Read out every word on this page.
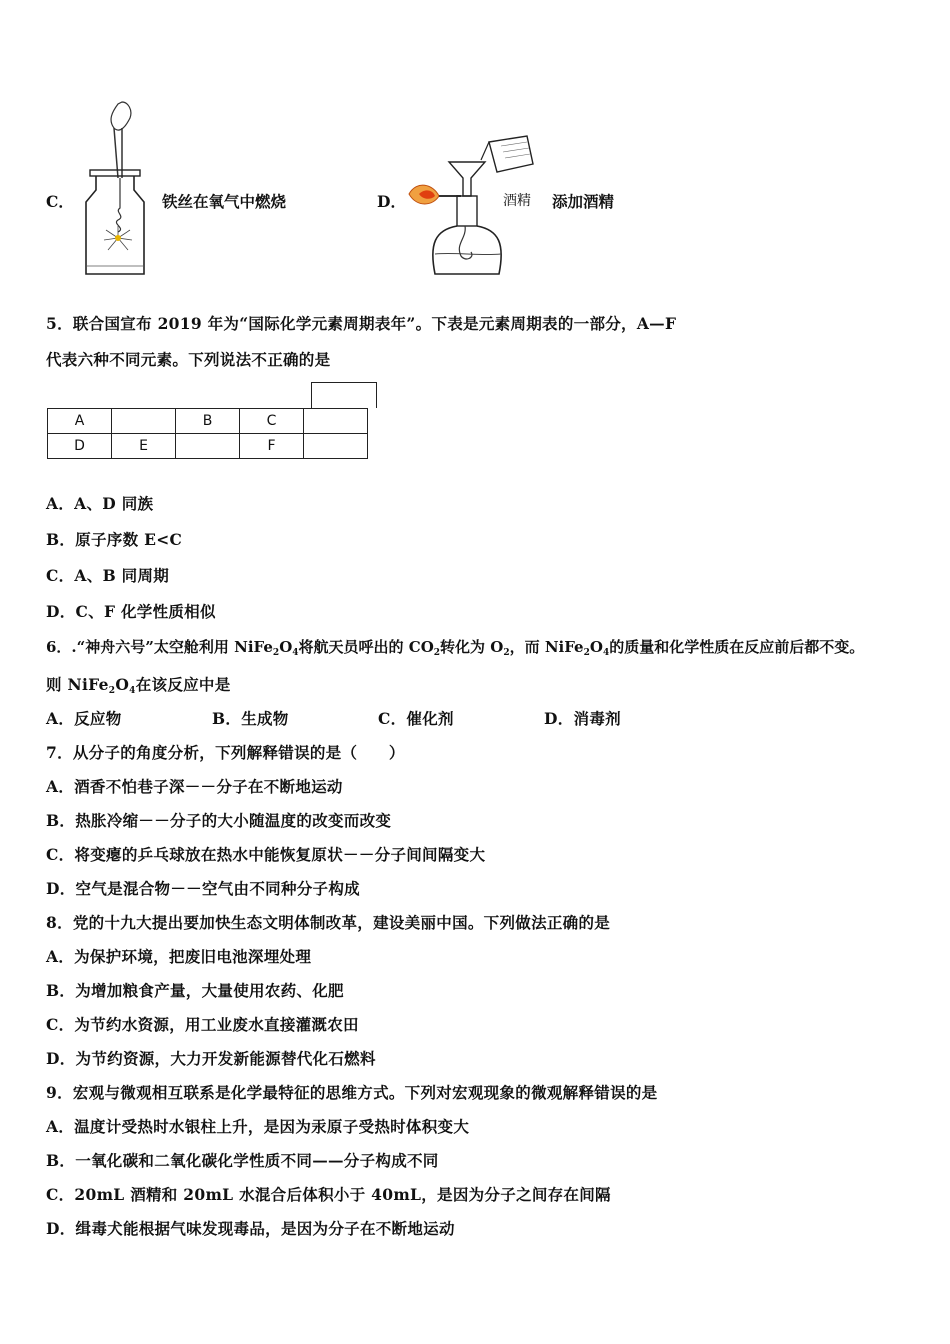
C．	铁丝在氧气中燃烧	D．	酒精 添加酒精
5．联合国宣布 2019 年为“国际化学元素周期表年”。下表是元素周期表的一部分，A—F
代表六种不同元素。下列说法不正确的是
A		B	C	
D	E		F	
A．A、D 同族
B．原子序数 E<C
C．A、B 同周期
D．C、F 化学性质相似
6．.“神舟六号”太空舱利用 $NiFe_2O_4$将航天员呼出的 $CO_2$转化为 $O_2$，而 $NiFe_2O_4$的质量和化学性质在反应前后都不变。
则 $NiFe_2O_4$在该反应中是
A．反应物	B．生成物	C．催化剂	D．消毒剂
7．从分子的角度分析，下列解释错误的是（　　）
A．酒香不怕巷子深－－分子在不断地运动
B．热胀冷缩－－分子的大小随温度的改变而改变
C．将变瘪的乒乓球放在热水中能恢复原状－－分子间间隔变大
D．空气是混合物－－空气由不同种分子构成
8．党的十九大提出要加快生态文明体制改革，建设美丽中国。下列做法正确的是
A．为保护环境，把废旧电池深埋处理
B．为增加粮食产量，大量使用农药、化肥
C．为节约水资源，用工业废水直接灌溉农田
D．为节约资源，大力开发新能源替代化石燃料
9．宏观与微观相互联系是化学最特征的思维方式。下列对宏观现象的微观解释错误的是
A．温度计受热时水银柱上升，是因为汞原子受热时体积变大
B．一氧化碳和二氧化碳化学性质不同——分子构成不同
C．20mL 酒精和 20mL 水混合后体积小于 40mL，是因为分子之间存在间隔
D．缉毒犬能根据气味发现毒品，是因为分子在不断地运动
